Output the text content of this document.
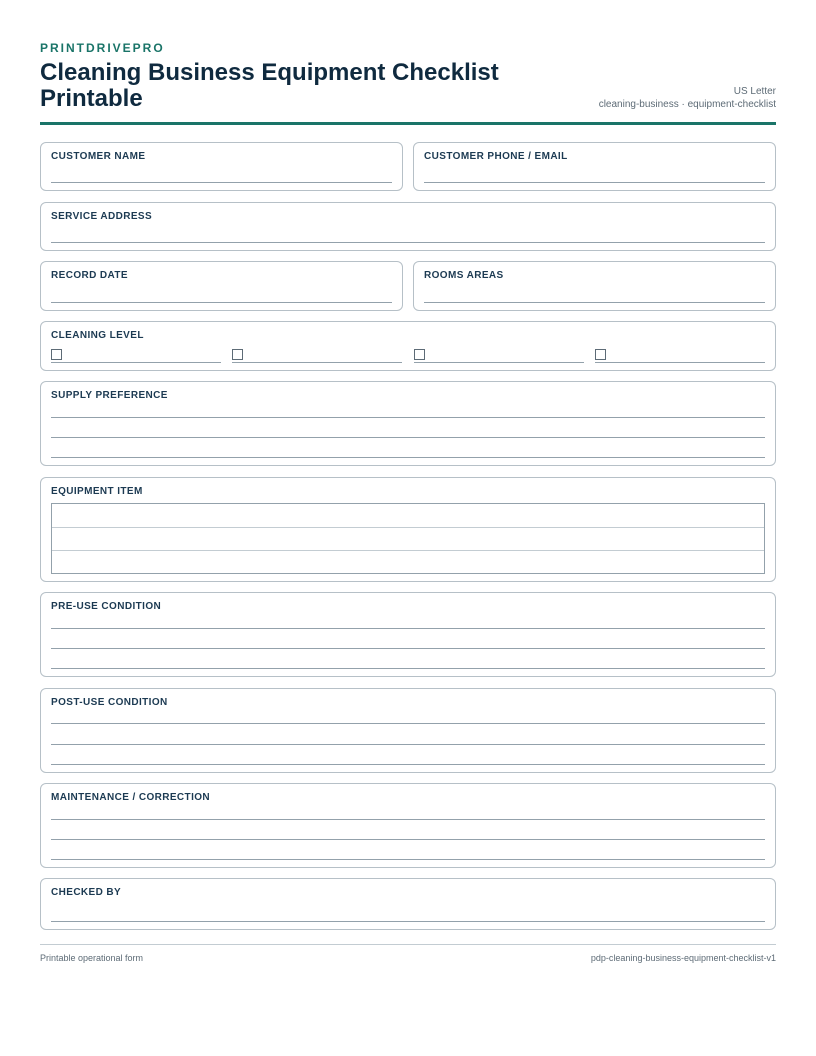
PRINTDRIVEPRO
Cleaning Business Equipment Checklist Printable	US Letter
cleaning-business · equipment-checklist
CUSTOMER NAME	CUSTOMER PHONE / EMAIL
SERVICE ADDRESS
RECORD DATE	ROOMS AREAS
CLEANING LEVEL
SUPPLY PREFERENCE
EQUIPMENT ITEM
PRE-USE CONDITION
POST-USE CONDITION
MAINTENANCE / CORRECTION
CHECKED BY
Printable operational form	pdp-cleaning-business-equipment-checklist-v1
